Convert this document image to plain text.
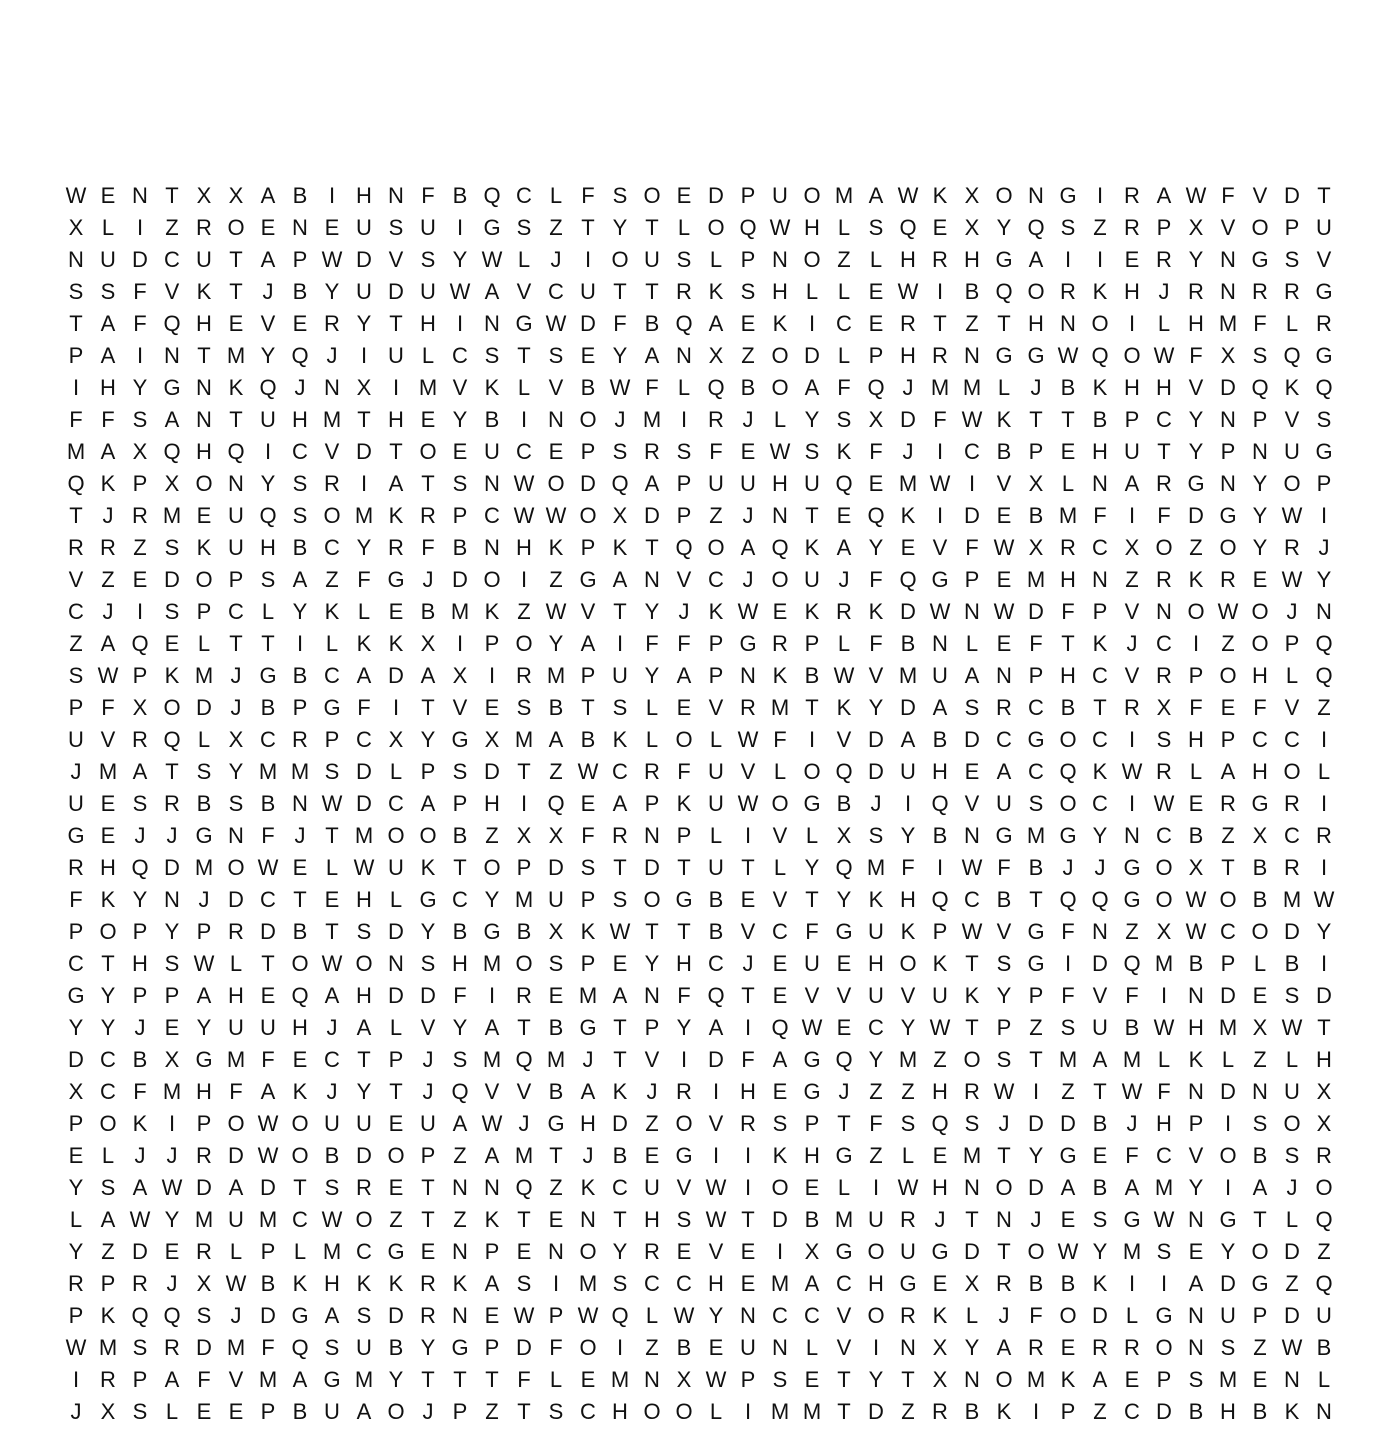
W E N T X X A B I H N F B Q C L F S O E D P U O M A W K X O N G I R A W F V D T
X L	I	Z R O E N E U S U I G S Z T Y T L O Q W H L S Q E X Y Q S Z R P X V O P U
N U D C U T A P W D V S Y W L J	I O U S L P N O Z L H R H G A I	I E R Y N G S V
S S F V K T J B Y U D U W A V C U T T R K S H L L E W I B Q O R K H J R N R R G
T A F Q H E V E R Y T H I N G W D F B Q A E K I C E R T Z T H N O I	L H M F L R
P A I N T M Y Q J	I U L C S T S E Y A N X Z O D L P H R N G G W Q O W F X S Q G
I H Y G N K Q J N X I M V K L V B W F L Q B O A F Q J M M L J B K H H V D Q K Q
F F S A N T U H M T H E Y B I N O J M I R J L Y S X D F W K T T B P C Y N P V S
M A X Q H Q I C V D T O E U C E P S R S F E W S K F J	I C B P E H U T Y P N U G
Q K P X O N Y S R I A T S N W O D Q A P U U H U Q E M W I V X L N A R G N Y O P
T J R M E U Q S O M K R P C W W O X D P Z J N T E Q K I D E B M F	I	F D G Y W I
R R Z S K U H B C Y R F B N H K P K T Q O A Q K A Y E V F W X R C X O Z O Y R J
V Z E D O P S A Z F G J D O I	Z G A N V C J O U J F Q G P E M H N Z R K R E W Y
C J	I S P C L Y K L E B M K Z W V T Y J K W E K R K D W N W D F P V N O W O J N
Z A Q E L T T	I	L K K X I P O Y A I	F F P G R P L F B N L E F T K J C I	Z O P Q
S W P K M J G B C A D A X I R M P U Y A P N K B W V M U A N P H C V R P O H L Q
P F X O D J B P G F	I	T V E S B T S L E V R M T K Y D A S R C B T R X F E F V Z
U V R Q L X C R P C X Y G X M A B K L O L W F	I V D A B D C G O C I S H P C C I
J M A T S Y M M S D L P S D T Z W C R F U V L O Q D U H E A C Q K W R L A H O L
U E S R B S B N W D C A P H I Q E A P K U W O G B J	I Q V U S O C I W E R G R I
G E J J G N F J T M O O B Z X X F R N P L	I V L X S Y B N G M G Y N C B Z X C R
R H Q D M O W E L W U K T O P D S T D T U T L Y Q M F	I W F B J J G O X T B R I
F K Y N J D C T E H L G C Y M U P S O G B E V T Y K H Q C B T Q Q G O W O B M W
P O P Y P R D B T S D Y B G B X K W T T B V C F G U K P W V G F N Z X W C O D Y
C T H S W L T O W O N S H M O S P E Y H C J E U E H O K T S G I D Q M B P L B I
G Y P P A H E Q A H D D F	I R E M A N F Q T E V V U V U K Y P F V F	I N D E S D
Y Y J E Y U U H J A L V Y A T B G T P Y A I Q W E C Y W T P Z S U B W H M X W T
D C B X G M F E C T P J S M Q M J T V I D F A G Q Y M Z O S T M A M L K L Z L H
X C F M H F A K J Y T J Q V V B A K J R I H E G J Z Z H R W I	Z T W F N D N U X
P O K I P O W O U U E U A W J G H D Z O V R S P T F S Q S J D D B J H P I S O X
E L J J R D W O B D O P Z A M T J B E G I	I K H G Z L E M T Y G E F C V O B S R
Y S A W D A D T S R E T N N Q Z K C U V W I O E L	I W H N O D A B A M Y I A J O
L A W Y M U M C W O Z T Z K T E N T H S W T D B M U R J T N J E S G W N G T L Q
Y Z D E R L P L M C G E N P E N O Y R E V E I X G O U G D T O W Y M S E Y O D Z
R P R J X W B K H K K R K A S I M S C C H E M A C H G E X R B B K I	I A D G Z Q
P K Q Q S J D G A S D R N E W P W Q L W Y N C C V O R K L J F O D L G N U P D U
W M S R D M F Q S U B Y G P D F O I	Z B E U N L V I N X Y A R E R R O N S Z W B
I R P A F V M A G M Y T T T F L E M N X W P S E T Y T X N O M K A E P S M E N L
J X S L E E P B U A O J P Z T S C H O O L	I M M T D Z R B K I P Z C D B H B K N
